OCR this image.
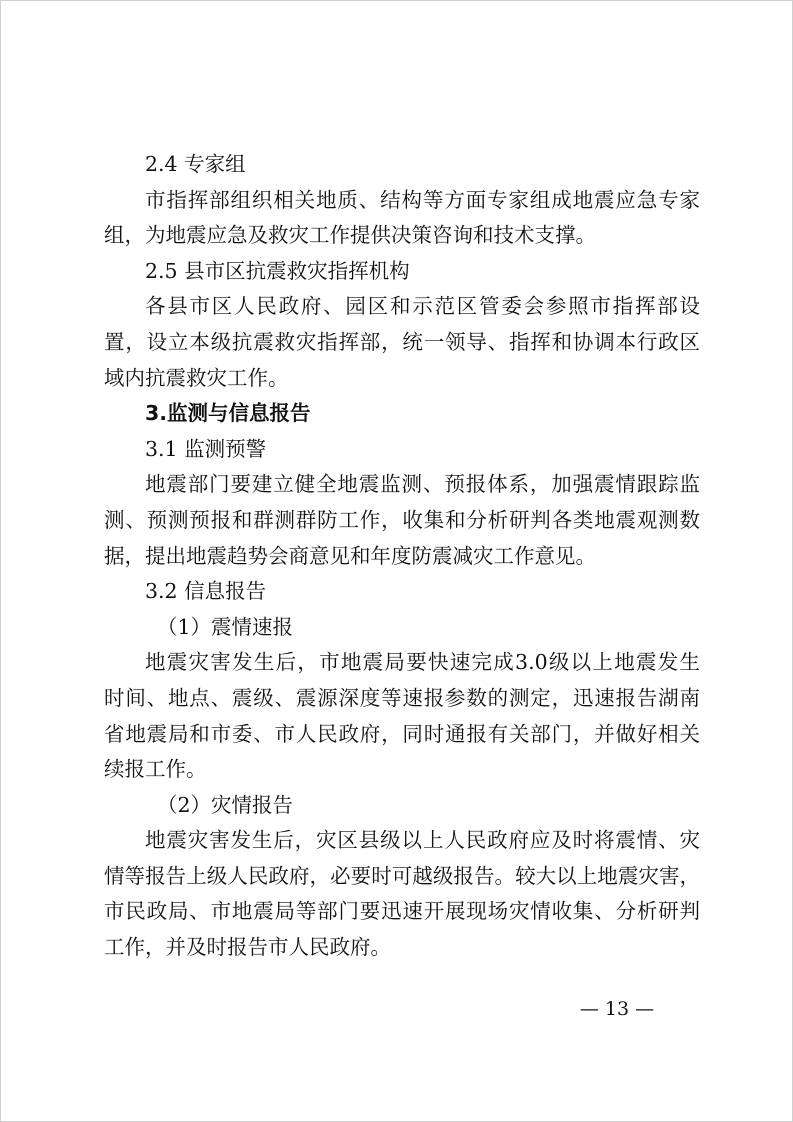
2.4 专家组
市指挥部组织相关地质、结构等方面专家组成地震应急专家
组，为地震应急及救灾工作提供决策咨询和技术支撑。
2.5 县市区抗震救灾指挥机构
各县市区人民政府、园区和示范区管委会参照市指挥部设
置，设立本级抗震救灾指挥部，统一领导、指挥和协调本行政区
域内抗震救灾工作。
3.监测与信息报告
3.1 监测预警
地震部门要建立健全地震监测、预报体系，加强震情跟踪监
测、预测预报和群测群防工作，收集和分析研判各类地震观测数
据，提出地震趋势会商意见和年度防震减灾工作意见。
3.2 信息报告
（1）震情速报
地震灾害发生后，市地震局要快速完成3.0级以上地震发生
时间、地点、震级、震源深度等速报参数的测定，迅速报告湖南
省地震局和市委、市人民政府，同时通报有关部门，并做好相关
续报工作。
（2）灾情报告
地震灾害发生后，灾区县级以上人民政府应及时将震情、灾
情等报告上级人民政府，必要时可越级报告。较大以上地震灾害，
市民政局、市地震局等部门要迅速开展现场灾情收集、分析研判
工作，并及时报告市人民政府。
— 13 —
